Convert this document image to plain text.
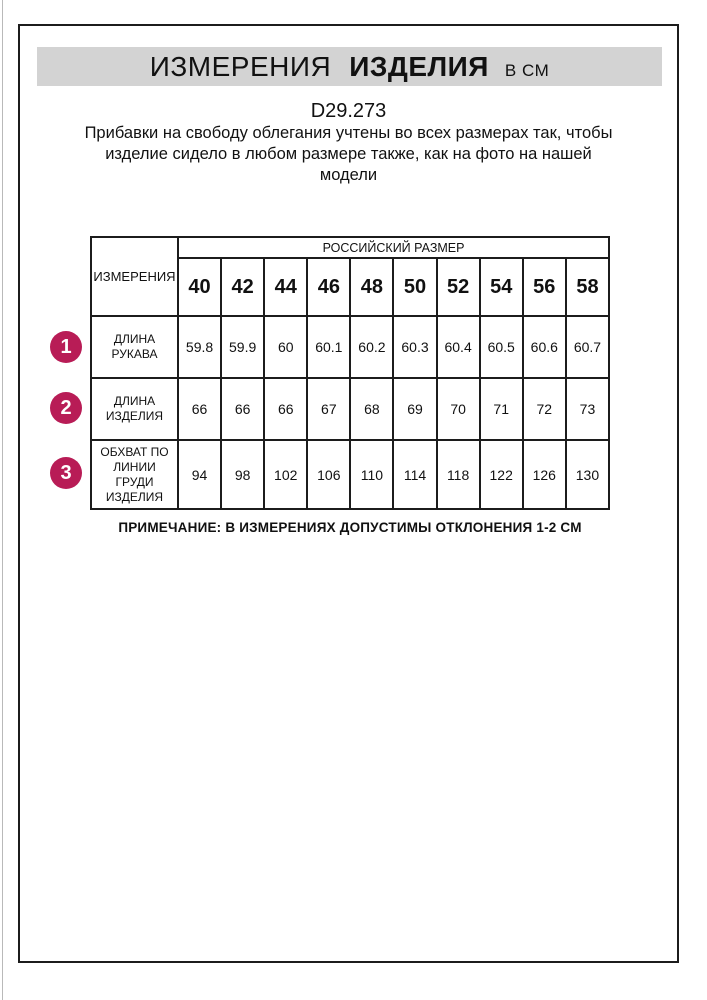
ИЗМЕРЕНИЯ ИЗДЕЛИЯ В СМ
D29.273
Прибавки на свободу облегания учтены во всех размерах так, чтобы изделие сидело в любом размере также, как на фото на нашей модели
1
2
3
ИЗМЕРЕНИЯ	РОССИЙСКИЙ РАЗМЕР									
	40	42	44	46	48	50	52	54	56	58
ДЛИНА РУКАВА	59.8	59.9	60	60.1	60.2	60.3	60.4	60.5	60.6	60.7
ДЛИНА ИЗДЕЛИЯ	66	66	66	67	68	69	70	71	72	73
ОБХВАТ ПО ЛИНИИ ГРУДИ ИЗДЕЛИЯ	94	98	102	106	110	114	118	122	126	130
ПРИМЕЧАНИЕ: В ИЗМЕРЕНИЯХ ДОПУСТИМЫ ОТКЛОНЕНИЯ 1-2 СМ
